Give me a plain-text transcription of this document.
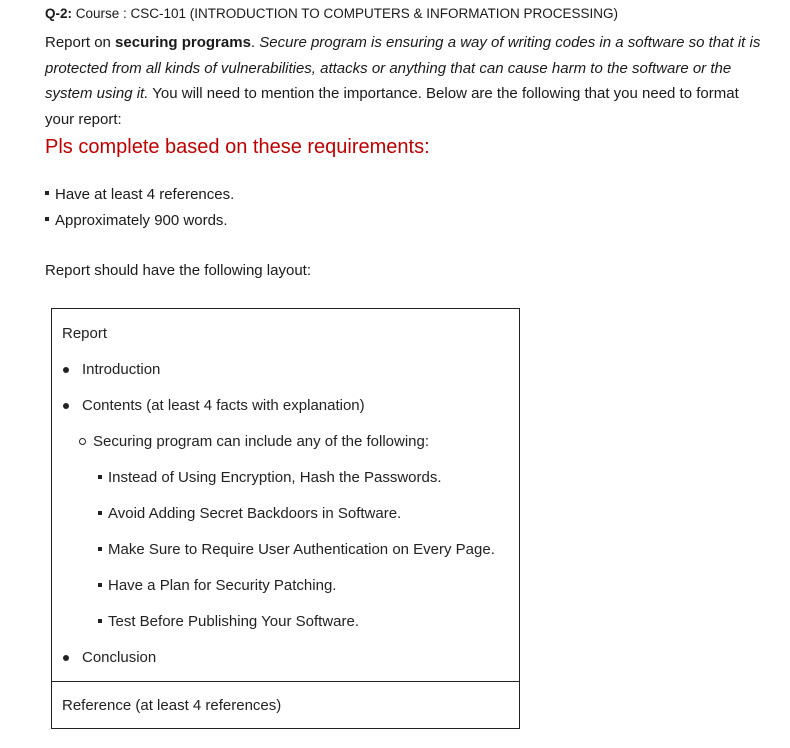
Q-2: Course : CSC-101 (INTRODUCTION TO COMPUTERS & INFORMATION PROCESSING)
Report on securing programs. Secure program is ensuring a way of writing codes in a software so that it is protected from all kinds of vulnerabilities, attacks or anything that can cause harm to the software or the system using it. You will need to mention the importance. Below are the following that you need to format your report:
Pls complete based on these requirements:
Have at least 4 references.
Approximately 900 words.
Report should have the following layout:
Report
Introduction
Contents (at least 4 facts with explanation)
Securing program can include any of the following:
Instead of Using Encryption, Hash the Passwords.
Avoid Adding Secret Backdoors in Software.
Make Sure to Require User Authentication on Every Page.
Have a Plan for Security Patching.
Test Before Publishing Your Software.
Conclusion
Reference (at least 4 references)
